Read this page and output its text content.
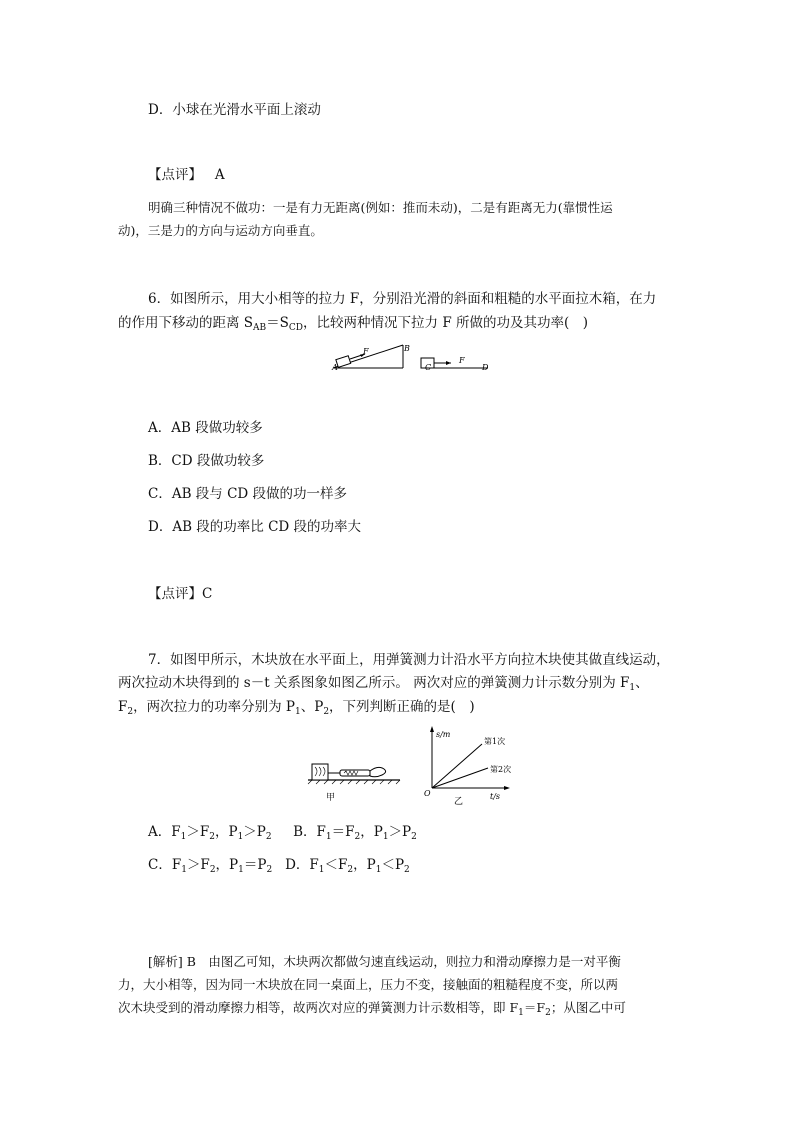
D．小球在光滑水平面上滚动
【点评】 A
明确三种情况不做功：一是有力无距离(例如：推而未动)，二是有距离无力(靠惯性运
动)，三是力的方向与运动方向垂直。
6．如图所示，用大小相等的拉力 F，分别沿光滑的斜面和粗糙的水平面拉木箱，在力
的作用下移动的距离 $S_{AB}=S_{CD}$，比较两种情况下拉力 F 所做的功及其功率(　)
F	B
A
F
C	D
A．AB 段做功较多
B．CD 段做功较多
C．AB 段与 CD 段做的功一样多
D．AB 段的功率比 CD 段的功率大
【点评】C
7．如图甲所示，木块放在水平面上，用弹簧测力计沿水平方向拉木块使其做直线运动，
两次拉动木块得到的 s－t 关系图象如图乙所示。 两次对应的弹簧测力计示数分别为 $F_1$、
$F_2$，两次拉力的功率分别为 $P_1$、$P_2$，下列判断正确的是(　)
甲
s/m
t/s
O
第1次
第2次
乙
A．$F_1>F_2$，$P_1>P_2$ B．$F_1=F_2$，$P_1>P_2$
C．$F_1>F_2$，$P_1=P_2$ D．$F_1<F_2$，$P_1<P_2$
[解析] B　由图乙可知，木块两次都做匀速直线运动，则拉力和滑动摩擦力是一对平衡
力，大小相等，因为同一木块放在同一桌面上，压力不变，接触面的粗糙程度不变，所以两
次木块受到的滑动摩擦力相等，故两次对应的弹簧测力计示数相等，即 $F_1=F_2$；从图乙中可
